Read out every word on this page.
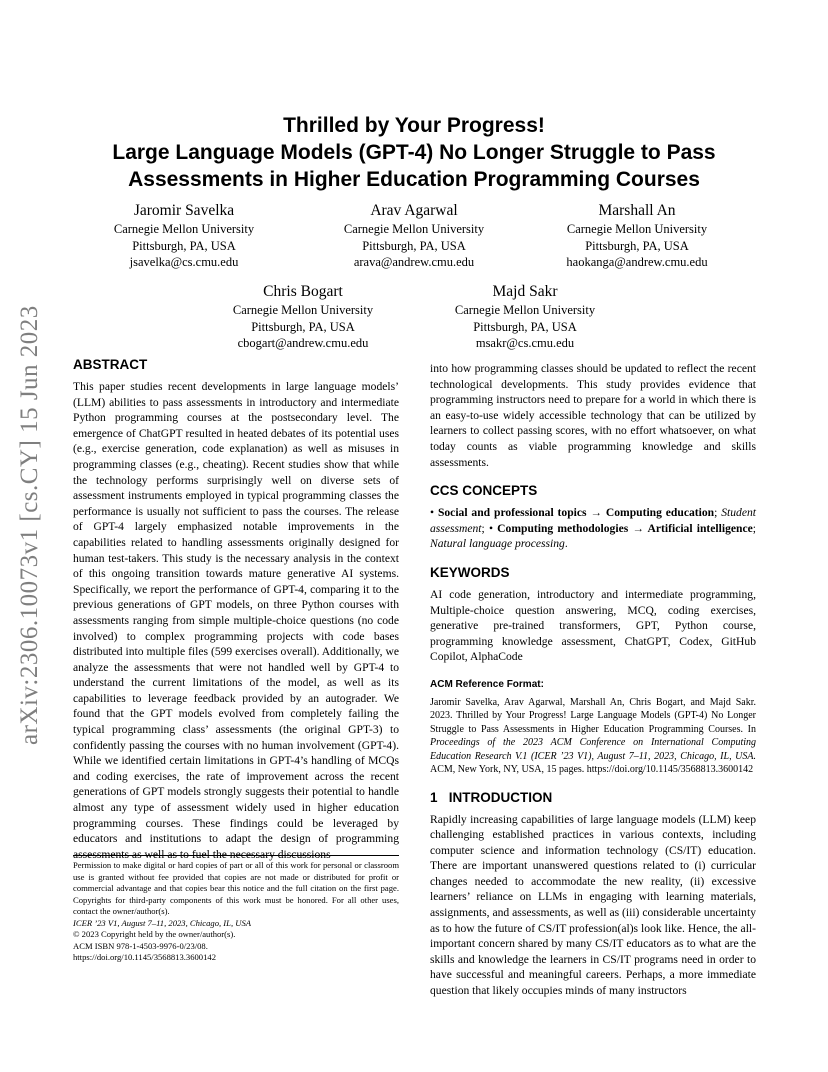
arXiv:2306.10073v1 [cs.CY] 15 Jun 2023
Thrilled by Your Progress!
Large Language Models (GPT-4) No Longer Struggle to Pass
Assessments in Higher Education Programming Courses
Jaromir Savelka
Carnegie Mellon University
Pittsburgh, PA, USA
jsavelka@cs.cmu.edu
Arav Agarwal
Carnegie Mellon University
Pittsburgh, PA, USA
arava@andrew.cmu.edu
Marshall An
Carnegie Mellon University
Pittsburgh, PA, USA
haokanga@andrew.cmu.edu
Chris Bogart
Carnegie Mellon University
Pittsburgh, PA, USA
cbogart@andrew.cmu.edu
Majd Sakr
Carnegie Mellon University
Pittsburgh, PA, USA
msakr@cs.cmu.edu
ABSTRACT

This paper studies recent developments in large language models’ (LLM) abilities to pass assessments in introductory and intermediate Python programming courses at the postsecondary level. The emergence of ChatGPT resulted in heated debates of its potential uses (e.g., exercise generation, code explanation) as well as misuses in programming classes (e.g., cheating). Recent studies show that while the technology performs surprisingly well on diverse sets of assessment instruments employed in typical programming classes the performance is usually not sufficient to pass the courses. The release of GPT-4 largely emphasized notable improvements in the capabilities related to handling assessments originally designed for human test-takers. This study is the necessary analysis in the context of this ongoing transition towards mature generative AI systems. Specifically, we report the performance of GPT-4, comparing it to the previous generations of GPT models, on three Python courses with assessments ranging from simple multiple-choice questions (no code involved) to complex programming projects with code bases distributed into multiple files (599 exercises overall). Additionally, we analyze the assessments that were not handled well by GPT-4 to understand the current limitations of the model, as well as its capabilities to leverage feedback provided by an autograder. We found that the GPT models evolved from completely failing the typical programming class’ assessments (the original GPT-3) to confidently passing the courses with no human involvement (GPT-4). While we identified certain limitations in GPT-4’s handling of MCQs and coding exercises, the rate of improvement across the recent generations of GPT models strongly suggests their potential to handle almost any type of assessment widely used in higher education programming courses. These findings could be leveraged by educators and institutions to adapt the design of programming assessments as well as to fuel the necessary discussions

into how programming classes should be updated to reflect the recent technological developments. This study provides evidence that programming instructors need to prepare for a world in which there is an easy-to-use widely accessible technology that can be utilized by learners to collect passing scores, with no effort whatsoever, on what today counts as viable programming knowledge and skills assessments.

CCS CONCEPTS

• Social and professional topics → Computing education; Student assessment; • Computing methodologies → Artificial intelligence; Natural language processing.

KEYWORDS

AI code generation, introductory and intermediate programming, Multiple-choice question answering, MCQ, coding exercises, generative pre-trained transformers, GPT, Python course, programming knowledge assessment, ChatGPT, Codex, GitHub Copilot, AlphaCode

ACM Reference Format:

Jaromir Savelka, Arav Agarwal, Marshall An, Chris Bogart, and Majd Sakr. 2023. Thrilled by Your Progress! Large Language Models (GPT-4) No Longer Struggle to Pass Assessments in Higher Education Programming Courses. In Proceedings of the 2023 ACM Conference on International Computing Education Research V.1 (ICER ’23 V1), August 7–11, 2023, Chicago, IL, USA. ACM, New York, NY, USA, 15 pages. https://doi.org/10.1145/3568813.3600142

1   INTRODUCTION

Rapidly increasing capabilities of large language models (LLM) keep challenging established practices in various contexts, including computer science and information technology (CS/IT) education. There are important unanswered questions related to (i) curricular changes needed to accommodate the new reality, (ii) excessive learners’ reliance on LLMs in engaging with learning materials, assignments, and assessments, as well as (iii) considerable uncertainty as to how the future of CS/IT profession(al)s look like. Hence, the all-important concern shared by many CS/IT educators as to what are the skills and knowledge the learners in CS/IT programs need in order to have successful and meaningful careers. Perhaps, a more immediate question that likely occupies minds of many instructors

Permission to make digital or hard copies of part or all of this work for personal or classroom use is granted without fee provided that copies are not made or distributed for profit or commercial advantage and that copies bear this notice and the full citation on the first page. Copyrights for third-party components of this work must be honored. For all other uses, contact the owner/author(s).

ICER ’23 V1, August 7–11, 2023, Chicago, IL, USA
© 2023 Copyright held by the owner/author(s).
ACM ISBN 978-1-4503-9976-0/23/08.
https://doi.org/10.1145/3568813.3600142
